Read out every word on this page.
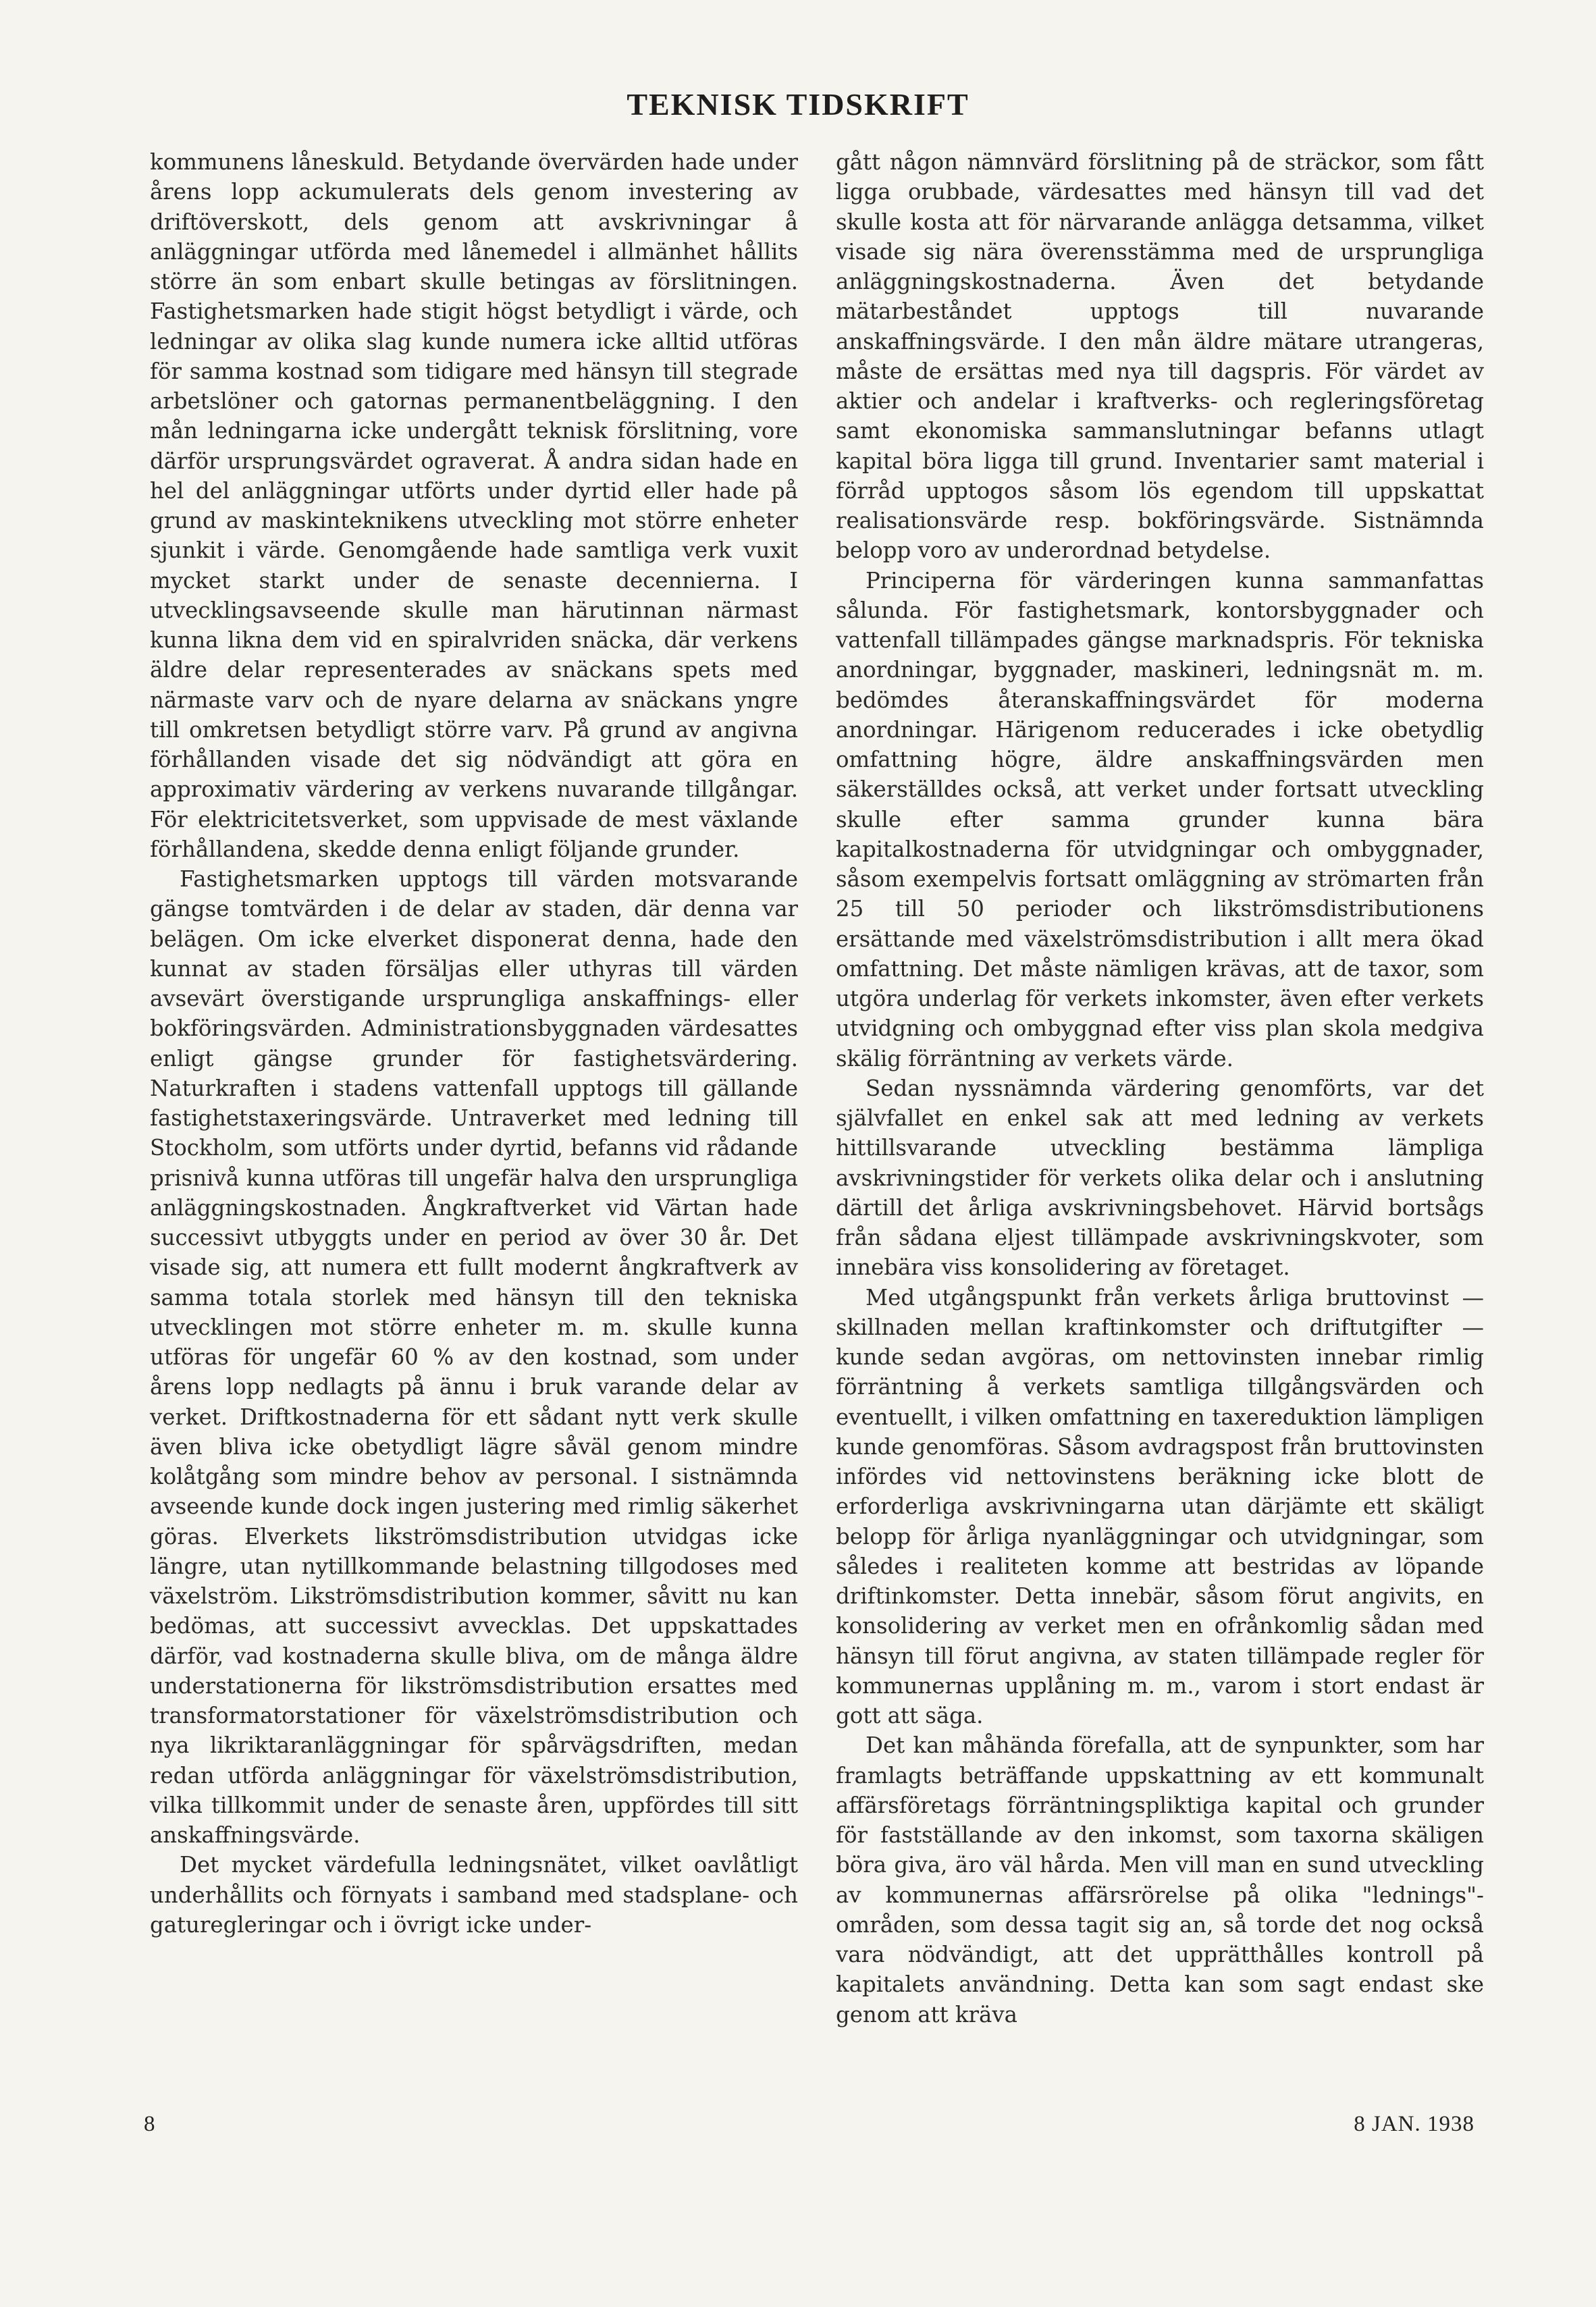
TEKNISK TIDSKRIFT

kommunens låneskuld. Betydande övervärden hade under årens lopp ackumulerats dels genom investering av driftöverskott, dels genom att avskrivningar å anläggningar utförda med lånemedel i allmänhet hållits större än som enbart skulle betingas av förslitningen. Fastighetsmarken hade stigit högst betydligt i värde, och ledningar av olika slag kunde numera icke alltid utföras för samma kostnad som tidigare med hänsyn till stegrade arbetslöner och gatornas permanentbeläggning. I den mån ledningarna icke undergått teknisk förslitning, vore därför ursprungsvärdet ograverat. Å andra sidan hade en hel del anläggningar utförts under dyrtid eller hade på grund av maskinteknikens utveckling mot större enheter sjunkit i värde. Genomgående hade samtliga verk vuxit mycket starkt under de senaste decennierna. I utvecklingsavseende skulle man härutinnan närmast kunna likna dem vid en spiralvriden snäcka, där verkens äldre delar representerades av snäckans spets med närmaste varv och de nyare delarna av snäckans yngre till omkretsen betydligt större varv. På grund av angivna förhållanden visade det sig nödvändigt att göra en approximativ värdering av verkens nuvarande tillgångar. För elektricitetsverket, som uppvisade de mest växlande förhållandena, skedde denna enligt följande grunder.

Fastighetsmarken upptogs till värden motsvarande gängse tomtvärden i de delar av staden, där denna var belägen. Om icke elverket disponerat denna, hade den kunnat av staden försäljas eller uthyras till värden avsevärt överstigande ursprungliga anskaffnings- eller bokföringsvärden. Administrationsbyggnaden värdesattes enligt gängse grunder för fastighetsvärdering. Naturkraften i stadens vattenfall upptogs till gällande fastighetstaxeringsvärde. Untraverket med ledning till Stockholm, som utförts under dyrtid, befanns vid rådande prisnivå kunna utföras till ungefär halva den ursprungliga anläggningskostnaden. Ångkraftverket vid Värtan hade successivt utbyggts under en period av över 30 år. Det visade sig, att numera ett fullt modernt ångkraftverk av samma totala storlek med hänsyn till den tekniska utvecklingen mot större enheter m. m. skulle kunna utföras för ungefär 60 % av den kostnad, som under årens lopp nedlagts på ännu i bruk varande delar av verket. Driftkostnaderna för ett sådant nytt verk skulle även bliva icke obetydligt lägre såväl genom mindre kolåtgång som mindre behov av personal. I sistnämnda avseende kunde dock ingen justering med rimlig säkerhet göras. Elverkets likströmsdistribution utvidgas icke längre, utan nytillkommande belastning tillgodoses med växelström. Likströmsdistribution kommer, såvitt nu kan bedömas, att successivt avvecklas. Det uppskattades därför, vad kostnaderna skulle bliva, om de många äldre understationerna för likströmsdistribution ersattes med transformatorstationer för växelströmsdistribution och nya likriktaranläggningar för spårvägsdriften, medan redan utförda anläggningar för växelströmsdistribution, vilka tillkommit under de senaste åren, uppfördes till sitt anskaffningsvärde.

Det mycket värdefulla ledningsnätet, vilket oavlåtligt underhållits och förnyats i samband med stadsplane- och gaturegleringar och i övrigt icke under-

gått någon nämnvärd förslitning på de sträckor, som fått ligga orubbade, värdesattes med hänsyn till vad det skulle kosta att för närvarande anlägga detsamma, vilket visade sig nära överensstämma med de ursprungliga anläggningskostnaderna. Även det betydande mätarbeståndet upptogs till nuvarande anskaffningsvärde. I den mån äldre mätare utrangeras, måste de ersättas med nya till dagspris. För värdet av aktier och andelar i kraftverks- och regleringsföretag samt ekonomiska sammanslutningar befanns utlagt kapital böra ligga till grund. Inventarier samt material i förråd upptogos såsom lös egendom till uppskattat realisationsvärde resp. bokföringsvärde. Sistnämnda belopp voro av underordnad betydelse.

Principerna för värderingen kunna sammanfattas sålunda. För fastighetsmark, kontorsbyggnader och vattenfall tillämpades gängse marknadspris. För tekniska anordningar, byggnader, maskineri, ledningsnät m. m. bedömdes återanskaffningsvärdet för moderna anordningar. Härigenom reducerades i icke obetydlig omfattning högre, äldre anskaffningsvärden men säkerställdes också, att verket under fortsatt utveckling skulle efter samma grunder kunna bära kapitalkostnaderna för utvidgningar och ombyggnader, såsom exempelvis fortsatt omläggning av strömarten från 25 till 50 perioder och likströmsdistributionens ersättande med växelströmsdistribution i allt mera ökad omfattning. Det måste nämligen krävas, att de taxor, som utgöra underlag för verkets inkomster, även efter verkets utvidgning och ombyggnad efter viss plan skola medgiva skälig förräntning av verkets värde.

Sedan nyssnämnda värdering genomförts, var det självfallet en enkel sak att med ledning av verkets hittillsvarande utveckling bestämma lämpliga avskrivningstider för verkets olika delar och i anslutning därtill det årliga avskrivningsbehovet. Härvid bortsågs från sådana eljest tillämpade avskrivningskvoter, som innebära viss konsolidering av företaget.

Med utgångspunkt från verkets årliga bruttovinst — skillnaden mellan kraftinkomster och driftutgifter — kunde sedan avgöras, om nettovinsten innebar rimlig förräntning å verkets samtliga tillgångsvärden och eventuellt, i vilken omfattning en taxereduktion lämpligen kunde genomföras. Såsom avdragspost från bruttovinsten infördes vid nettovinstens beräkning icke blott de erforderliga avskrivningarna utan därjämte ett skäligt belopp för årliga nyanläggningar och utvidgningar, som således i realiteten komme att bestridas av löpande driftinkomster. Detta innebär, såsom förut angivits, en konsolidering av verket men en ofrånkomlig sådan med hänsyn till förut angivna, av staten tillämpade regler för kommunernas upplåning m. m., varom i stort endast är gott att säga.

Det kan måhända förefalla, att de synpunkter, som har framlagts beträffande uppskattning av ett kommunalt affärsföretags förräntningspliktiga kapital och grunder för fastställande av den inkomst, som taxorna skäligen böra giva, äro väl hårda. Men vill man en sund utveckling av kommunernas affärsrörelse på olika "lednings"-områden, som dessa tagit sig an, så torde det nog också vara nödvändigt, att det upprätthålles kontroll på kapitalets användning. Detta kan som sagt endast ske genom att kräva

8	8 JAN. 1938
